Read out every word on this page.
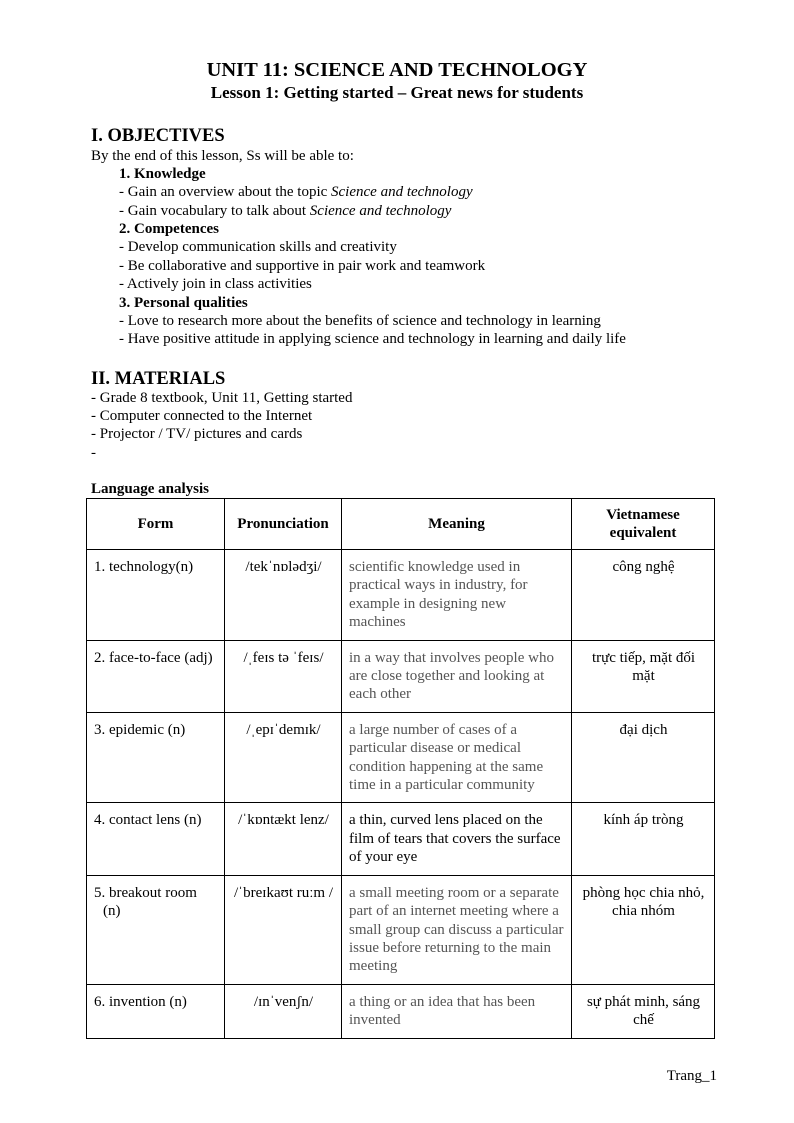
UNIT 11: SCIENCE AND TECHNOLOGY
Lesson 1: Getting started – Great news for students
I. OBJECTIVES
By the end of this lesson, Ss will be able to:
1. Knowledge
- Gain an overview about the topic Science and technology
- Gain vocabulary to talk about Science and technology
2. Competences
- Develop communication skills and creativity
- Be collaborative and supportive in pair work and teamwork
- Actively join in class activities
3. Personal qualities
- Love to research more about the benefits of science and technology in learning
- Have positive attitude in applying science and technology in learning and daily life
II. MATERIALS
- Grade 8 textbook, Unit 11, Getting started
- Computer connected to the Internet
- Projector / TV/ pictures and cards
-
Language analysis
Form	Pronunciation	Meaning	Vietnamese equivalent
1. technology(n)	/tekˈnɒlədʒi/	scientific knowledge used in practical ways in industry, for example in designing new machines	công nghệ
2. face-to-face (adj)	/ˌfeɪs tə ˈfeɪs/	in a way that involves people who are close together and looking at each other	trực tiếp, mặt đối mặt
3. epidemic (n)	/ˌepɪˈdemɪk/	a large number of cases of a particular disease or medical condition happening at the same time in a particular community	đại dịch
4. contact lens (n)	/ˈkɒntækt lenz/	a thin, curved lens placed on the film of tears that covers the surface of your eye	kính áp tròng
5. breakout room (n)	/ˈbreɪkaʊt ruːm /	a small meeting room or a separate part of an internet meeting where a small group can discuss a particular issue before returning to the main meeting	phòng học chia nhỏ, chia nhóm
6. invention (n)	/ɪnˈvenʃn/	a thing or an idea that has been invented	sự phát minh, sáng chế
Trang_1
